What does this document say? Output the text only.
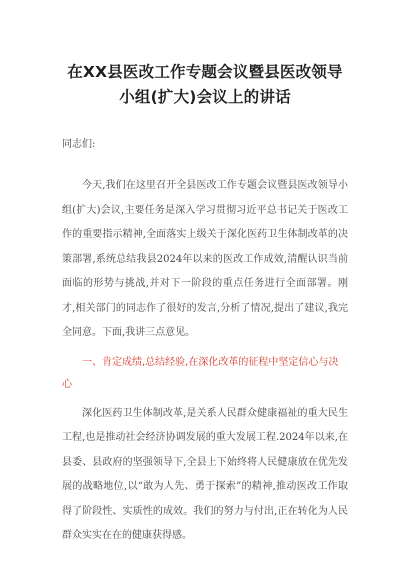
在XX县医改工作专题会议暨县医改领导小组(扩大)会议上的讲话

同志们:

今天,我们在这里召开全县医改工作专题会议暨县医改领导小组(扩大)会议,主要任务是深入学习贯彻习近平总书记关于医改工作的重要指示精神,全面落实上级关于深化医药卫生体制改革的决策部署,系统总结我县2024年以来的医改工作成效,清醒认识当前面临的形势与挑战,并对下一阶段的重点任务进行全面部署。刚才,相关部门的同志作了很好的发言,分析了情况,提出了建议,我完全同意。下面,我讲三点意见。

一、肯定成绩,总结经验,在深化改革的征程中坚定信心与决心

深化医药卫生体制改革,是关系人民群众健康福祉的重大民生工程,也是推动社会经济协调发展的重大发展工程.2024年以来,在县委、县政府的坚强领导下,全县上下始终将人民健康放在优先发展的战略地位,以“敢为人先、勇于探索”的精神,推动医改工作取得了阶段性、实质性的成效。我们的努力与付出,正在转化为人民群众实实在在的健康获得感。
